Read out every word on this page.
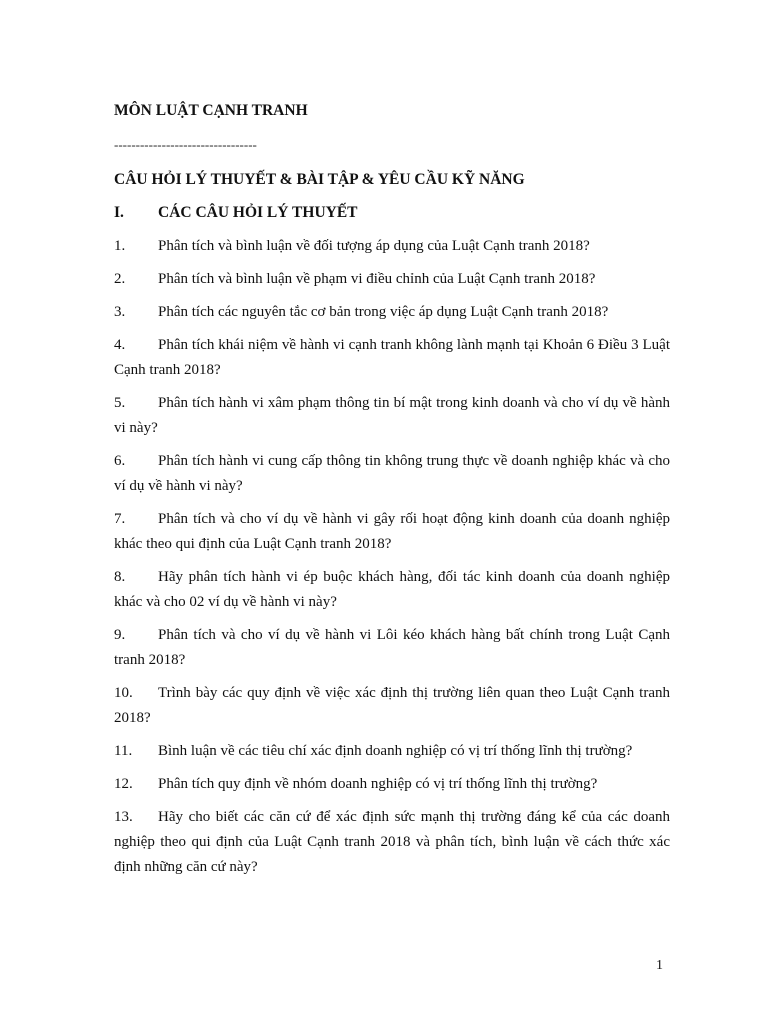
MÔN LUẬT CẠNH TRANH
---------------------------------
CÂU HỎI LÝ THUYẾT & BÀI TẬP & YÊU CẦU KỸ NĂNG
I.	CÁC CÂU HỎI LÝ THUYẾT
1. Phân tích và bình luận về đối tượng áp dụng của Luật Cạnh tranh 2018?
2. Phân tích và bình luận về phạm vi điều chỉnh của Luật Cạnh tranh 2018?
3. Phân tích các nguyên tắc cơ bản trong việc áp dụng Luật Cạnh tranh 2018?
4. Phân tích khái niệm về hành vi cạnh tranh không lành mạnh tại Khoản 6 Điều 3 Luật Cạnh tranh 2018?
5. Phân tích hành vi xâm phạm thông tin bí mật trong kinh doanh và cho ví dụ về hành vi này?
6. Phân tích hành vi cung cấp thông tin không trung thực về doanh nghiệp khác và cho ví dụ về hành vi này?
7. Phân tích và cho ví dụ về hành vi gây rối hoạt động kinh doanh của doanh nghiệp khác theo qui định của Luật Cạnh tranh 2018?
8. Hãy phân tích hành vi ép buộc khách hàng, đối tác kinh doanh của doanh nghiệp khác và cho 02 ví dụ về hành vi này?
9. Phân tích và cho ví dụ về hành vi Lôi kéo khách hàng bất chính trong Luật Cạnh tranh 2018?
10. Trình bày các quy định về việc xác định thị trường liên quan theo Luật Cạnh tranh 2018?
11. Bình luận về các tiêu chí xác định doanh nghiệp có vị trí thống lĩnh thị trường?
12. Phân tích quy định về nhóm doanh nghiệp có vị trí thống lĩnh thị trường?
13. Hãy cho biết các căn cứ để xác định sức mạnh thị trường đáng kể của các doanh nghiệp theo qui định của Luật Cạnh tranh 2018 và phân tích, bình luận về cách thức xác định những căn cứ này?
1
